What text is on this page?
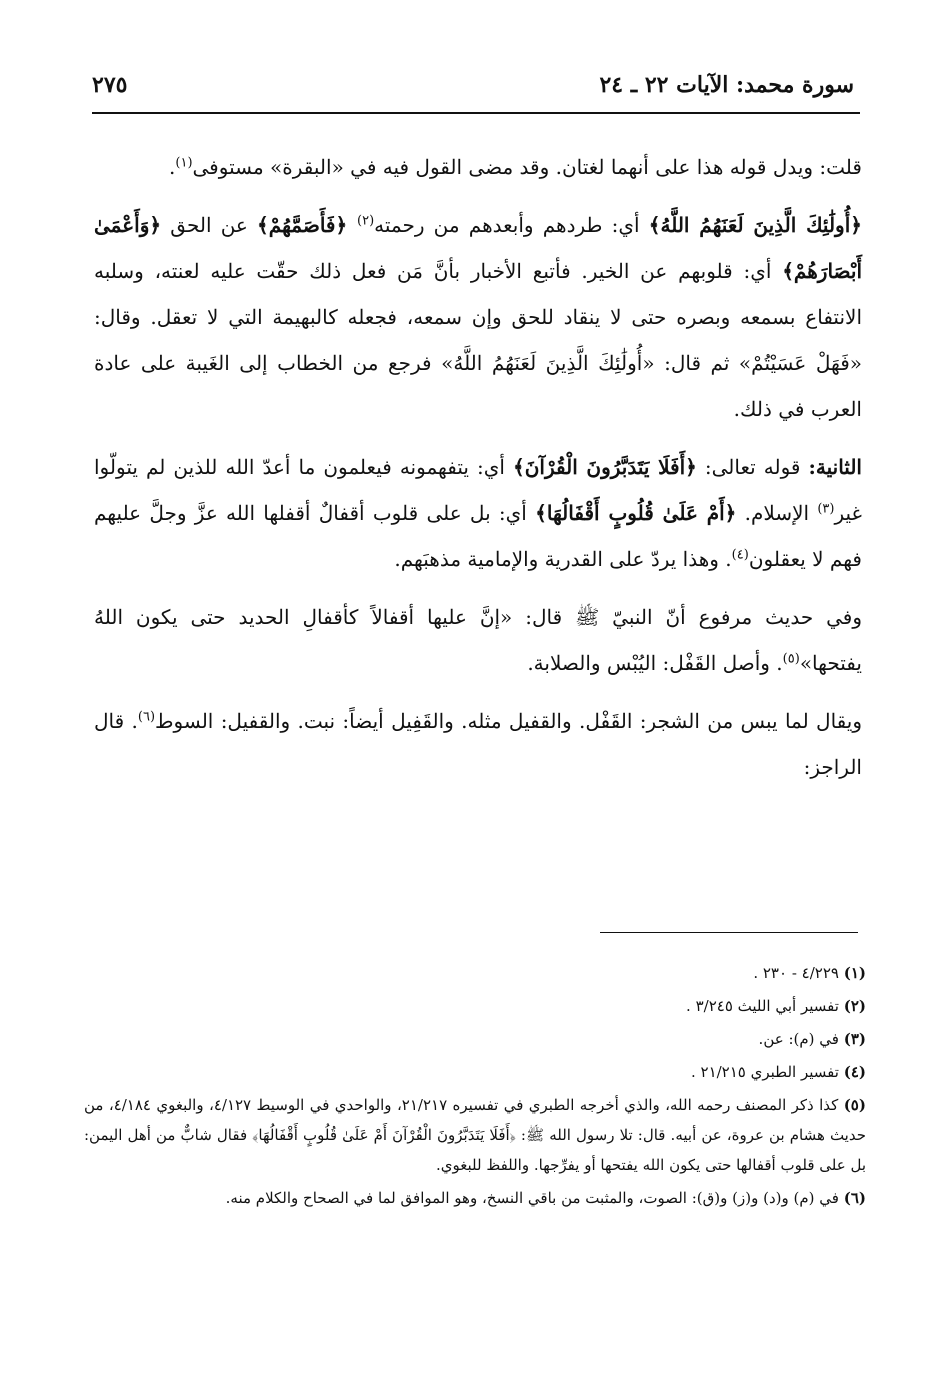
سورة محمد: الآيات ٢٢ ـ ٢٤
٢٧٥

قلت: ويدل قوله هذا على أنهما لغتان. وقد مضى القول فيه في «البقرة» مستوفى$^{(١)}$.

﴿أُولَٰئِكَ الَّذِينَ لَعَنَهُمُ اللَّهُ﴾ أي: طردهم وأبعدهم من رحمته$^{(٢)}$ ﴿فَأَصَمَّهُمْ﴾ عن الحق ﴿وَأَعْمَىٰ أَبْصَارَهُمْ﴾ أي: قلوبهم عن الخير. فأتبع الأخبار بأنَّ مَن فعل ذلك حقّت عليه لعنته، وسلبه الانتفاع بسمعه وبصره حتى لا ينقاد للحق وإن سمعه، فجعله كالبهيمة التي لا تعقل. وقال: «فَهَلْ عَسَيْتُمْ» ثم قال: «أُولَٰئِكَ الَّذِينَ لَعَنَهُمُ اللَّهُ» فرجع من الخطاب إلى الغَيبة على عادة العرب في ذلك.

الثانية: قوله تعالى: ﴿أَفَلَا يَتَدَبَّرُونَ الْقُرْآنَ﴾ أي: يتفهمونه فيعلمون ما أعدّ الله للذين لم يتولّوا غير$^{(٣)}$ الإسلام. ﴿أَمْ عَلَىٰ قُلُوبٍ أَقْفَالُهَا﴾ أي: بل على قلوب أقفالٌ أقفلها الله عزَّ وجلَّ عليهم فهم لا يعقلون$^{(٤)}$. وهذا يردّ على القدرية والإمامية مذهبَهم.

وفي حديث مرفوع أنّ النبيّ ﷺ قال: «إنَّ عليها أقفالاً كأقفالِ الحديد حتى يكون اللهُ يفتحها»$^{(٥)}$. وأصل القَفْل: اليُبْس والصلابة.

ويقال لما يبس من الشجر: القَفْل. والقفيل مثله. والقَفِيل أيضاً: نبت. والقفيل: السوط$^{(٦)}$. قال الراجز:

(١) ٤/٢٢٩ - ٢٣٠ .
(٢) تفسير أبي الليث ٣/٢٤٥ .
(٣) في (م): عن.
(٤) تفسير الطبري ٢١/٢١٥ .
(٥) كذا ذكر المصنف رحمه الله، والذي أخرجه الطبري في تفسيره ٢١/٢١٧، والواحدي في الوسيط ٤/١٢٧، والبغوي ٤/١٨٤، من حديث هشام بن عروة، عن أبيه. قال: تلا رسول الله ﷺ: ﴿أَفَلَا يَتَدَبَّرُونَ الْقُرْآنَ أَمْ عَلَىٰ قُلُوبٍ أَقْفَالُهَا﴾ فقال شابٌّ من أهل اليمن: بل على قلوب أقفالها حتى يكون الله يفتحها أو يفرِّجها. واللفظ للبغوي.
(٦) في (م) و(د) و(ز) و(ق): الصوت، والمثبت من باقي النسخ، وهو الموافق لما في الصحاح والكلام منه.
